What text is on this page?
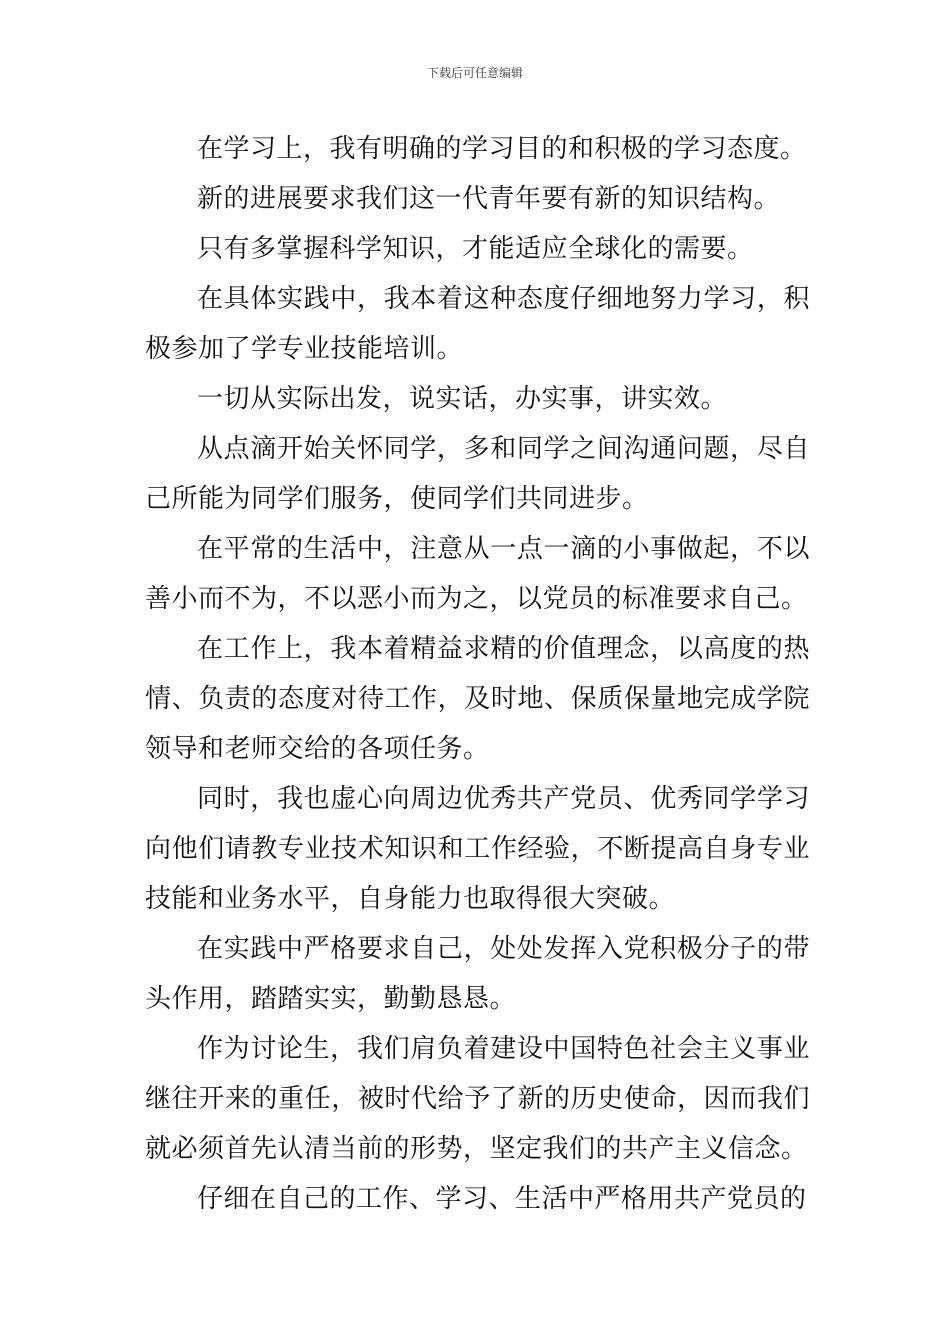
下载后可任意编辑

在学习上，我有明确的学习目的和积极的学习态度。

新的进展要求我们这一代青年要有新的知识结构。

只有多掌握科学知识，才能适应全球化的需要。

在具体实践中，我本着这种态度仔细地努力学习，积极参加了学专业技能培训。

一切从实际出发，说实话，办实事，讲实效。

从点滴开始关怀同学，多和同学之间沟通问题，尽自己所能为同学们服务，使同学们共同进步。

在平常的生活中，注意从一点一滴的小事做起，不以善小而不为，不以恶小而为之，以党员的标准要求自己。

在工作上，我本着精益求精的价值理念，以高度的热情、负责的态度对待工作，及时地、保质保量地完成学院领导和老师交给的各项任务。

同时，我也虚心向周边优秀共产党员、优秀同学学习向他们请教专业技术知识和工作经验，不断提高自身专业技能和业务水平，自身能力也取得很大突破。

在实践中严格要求自己，处处发挥入党积极分子的带头作用，踏踏实实，勤勤恳恳。

作为讨论生，我们肩负着建设中国特色社会主义事业继往开来的重任，被时代给予了新的历史使命，因而我们就必须首先认清当前的形势，坚定我们的共产主义信念。

仔细在自己的工作、学习、生活中严格用共产党员的
